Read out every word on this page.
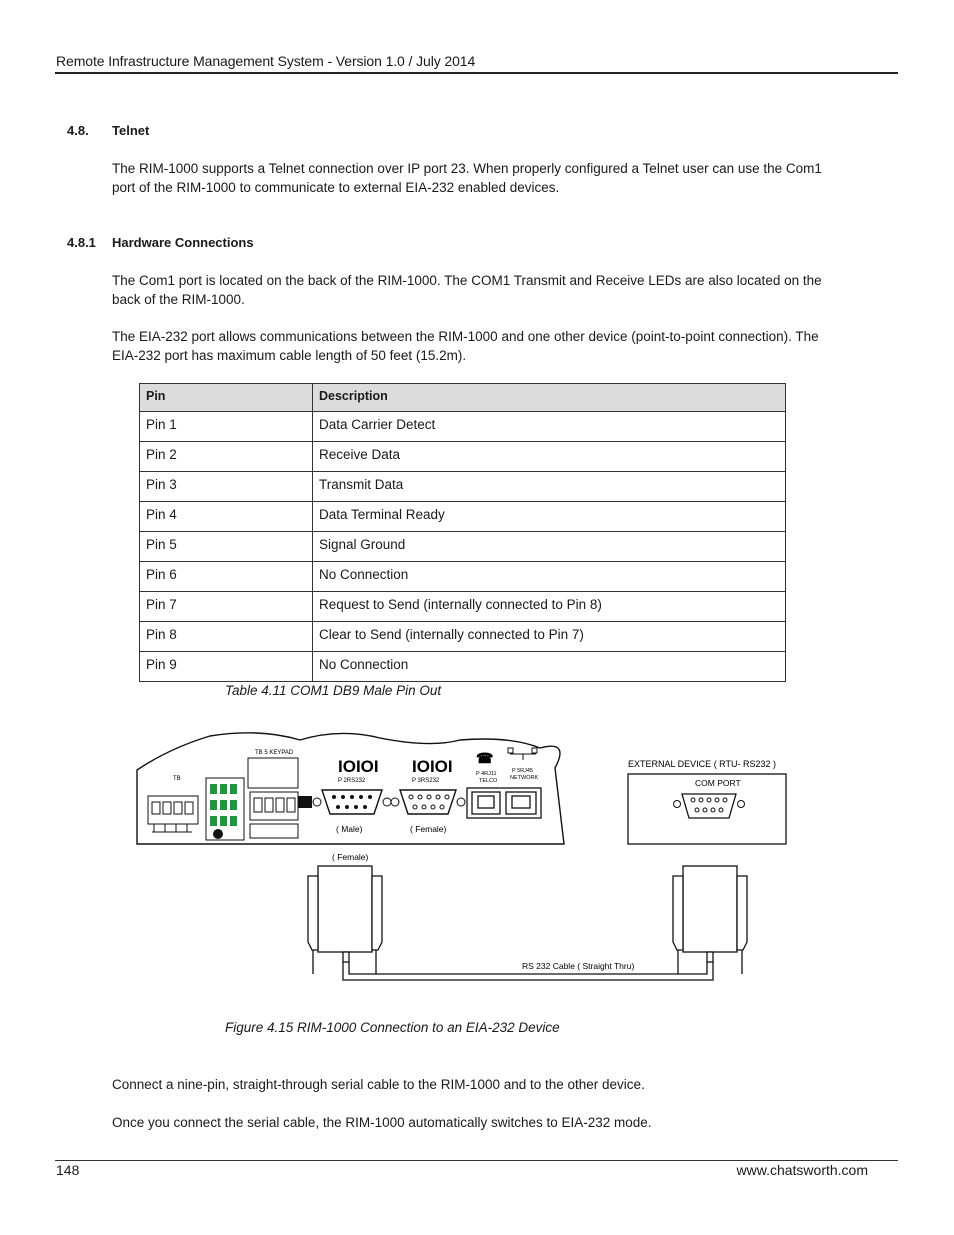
Remote Infrastructure Management System - Version 1.0 / July 2014
4.8. Telnet
The RIM-1000 supports a Telnet connection over IP port 23. When properly configured a Telnet user can use the Com1 port of the RIM-1000 to communicate to external EIA-232 enabled devices.
4.8.1 Hardware Connections
The Com1 port is located on the back of the RIM-1000. The COM1 Transmit and Receive LEDs are also located on the back of the RIM-1000.
The EIA-232 port allows communications between the RIM-1000 and one other device (point-to-point connection). The EIA-232 port has maximum cable length of 50 feet (15.2m).
Pin	Description
Pin 1	Data Carrier Detect
Pin 2	Receive Data
Pin 3	Transmit Data
Pin 4	Data Terminal Ready
Pin 5	Signal Ground
Pin 6	No Connection
Pin 7	Request to Send (internally connected to Pin 8)
Pin 8	Clear to Send (internally connected to Pin 7)
Pin 9	No Connection
Table 4.11 COM1 DB9 Male Pin Out
TB
TB 5 KEYPAD
IOIOI IOIOI
P 2RS232	P 3RS232
( Male)	( Female)
☎
P 4RJ11
TELCO
P 5RJ45
NETWORK
EXTERNAL DEVICE ( RTU- RS232 )
COM PORT
( Female)
RS 232 Cable ( Straight Thru)
Figure 4.15 RIM-1000 Connection to an EIA-232 Device
Connect a nine-pin, straight-through serial cable to the RIM-1000 and to the other device.
Once you connect the serial cable, the RIM-1000 automatically switches to EIA-232 mode.
148	www.chatsworth.com
